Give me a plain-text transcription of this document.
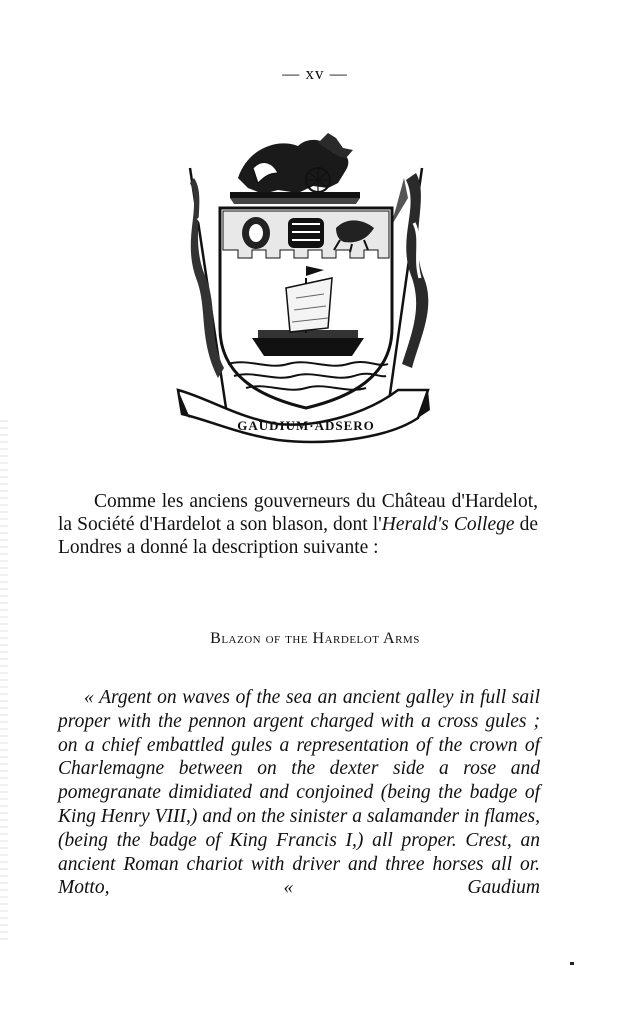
— xv —
GAUDIUM·ADSERO
Comme les anciens gouverneurs du Château d'Hardelot, la Société d'Hardelot a son blason, dont l'Herald's College de Londres a donné la description suivante :
Blazon of the Hardelot Arms
« Argent on waves of the sea an ancient galley in full sail proper with the pennon argent charged with a cross gules ; on a chief embattled gules a representation of the crown of Charlemagne between on the dexter side a rose and pomegranate dimidiated and conjoined (being the badge of King Henry VIII,) and on the sinister a salamander in flames, (being the badge of King Francis I,) all proper. Crest, an ancient Roman chariot with driver and three horses all or. Motto, « Gaudium
